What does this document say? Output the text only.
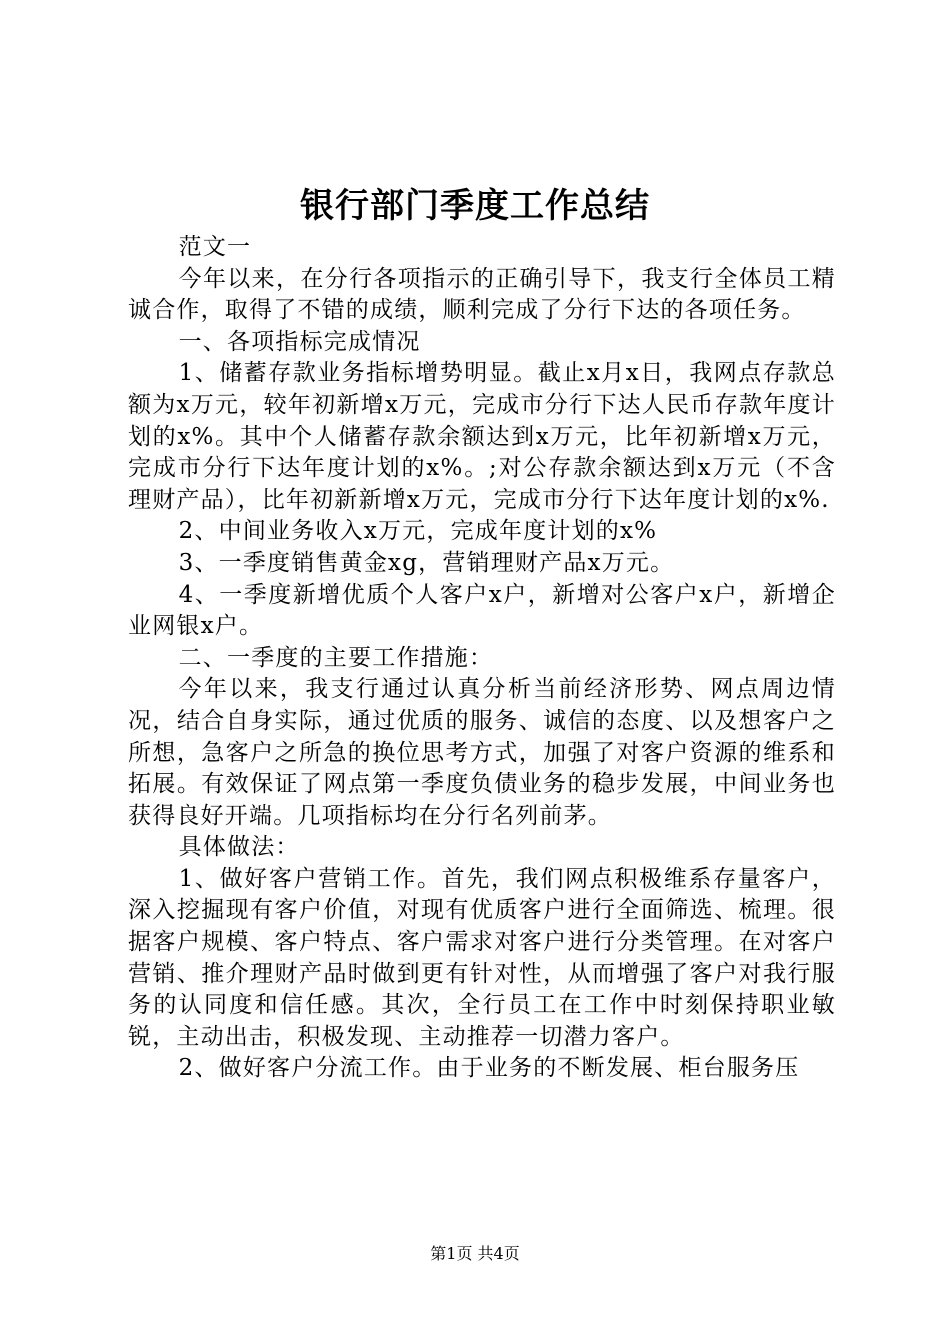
银行部门季度工作总结

范文一

今年以来，在分行各项指示的正确引导下，我支行全体员工精诚合作，取得了不错的成绩，顺利完成了分行下达的各项任务。

一、各项指标完成情况

1、储蓄存款业务指标增势明显。截止x月x日，我网点存款总额为x万元，较年初新增x万元，完成市分行下达人民币存款年度计划的x%。其中个人储蓄存款余额达到x万元，比年初新增x万元，完成市分行下达年度计划的x%。;对公存款余额达到x万元（不含理财产品），比年初新新增x万元，完成市分行下达年度计划的x%.

2、中间业务收入x万元，完成年度计划的x%

3、一季度销售黄金xg，营销理财产品x万元。

4、一季度新增优质个人客户x户，新增对公客户x户，新增企业网银x户。

二、一季度的主要工作措施：

今年以来，我支行通过认真分析当前经济形势、网点周边情况，结合自身实际，通过优质的服务、诚信的态度、以及想客户之所想，急客户之所急的换位思考方式，加强了对客户资源的维系和拓展。有效保证了网点第一季度负债业务的稳步发展，中间业务也获得良好开端。几项指标均在分行名列前茅。

具体做法：

1、做好客户营销工作。首先，我们网点积极维系存量客户，深入挖掘现有客户价值，对现有优质客户进行全面筛选、梳理。很据客户规模、客户特点、客户需求对客户进行分类管理。在对客户营销、推介理财产品时做到更有针对性，从而增强了客户对我行服务的认同度和信任感。其次，全行员工在工作中时刻保持职业敏锐，主动出击，积极发现、主动推荐一切潜力客户。

2、做好客户分流工作。由于业务的不断发展、柜台服务压

第1页 共4页
